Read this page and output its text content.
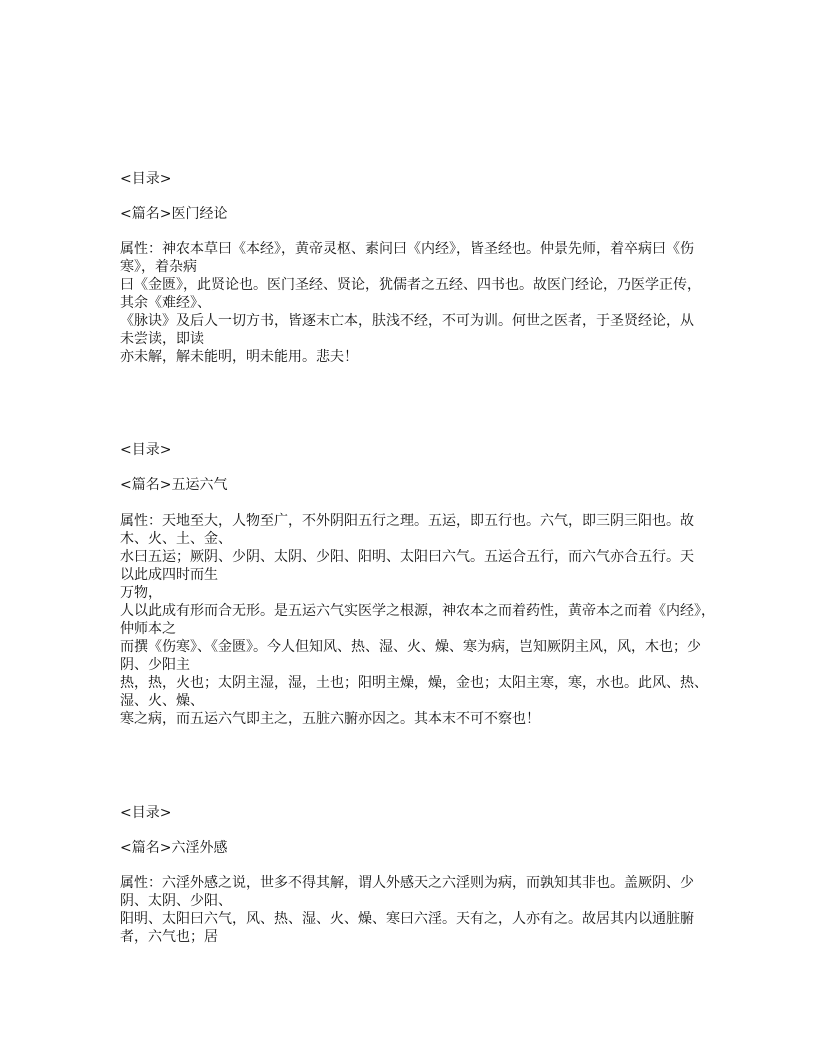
<目录>
<篇名>医门经论
属性：神农本草曰《本经》，黄帝灵枢、素问曰《内经》，皆圣经也。仲景先师，着卒病曰《伤
寒》，着杂病
曰《金匮》，此贤论也。医门圣经、贤论，犹儒者之五经、四书也。故医门经论，乃医学正传，
其余《难经》、
《脉诀》及后人一切方书，皆逐末亡本，肤浅不经，不可为训。何世之医者，于圣贤经论，从
未尝读，即读
亦未解，解未能明，明未能用。悲夫！
<目录>
<篇名>五运六气
属性：天地至大，人物至广，不外阴阳五行之理。五运，即五行也。六气，即三阴三阳也。故
木、火、土、金、
水曰五运；厥阴、少阴、太阴、少阳、阳明、太阳曰六气。五运合五行，而六气亦合五行。天
以此成四时而生
万物，
人以此成有形而合无形。是五运六气实医学之根源，神农本之而着药性，黄帝本之而着《内经》，
仲师本之
而撰《伤寒》、《金匮》。今人但知风、热、湿、火、燥、寒为病，岂知厥阴主风，风，木也；少
阴、少阳主
热，热，火也；太阴主湿，湿，土也；阳明主燥，燥，金也；太阳主寒，寒，水也。此风、热、
湿、火、燥、
寒之病，而五运六气即主之，五脏六腑亦因之。其本末不可不察也！
<目录>
<篇名>六淫外感
属性：六淫外感之说，世多不得其解，谓人外感天之六淫则为病，而孰知其非也。盖厥阴、少
阴、太阴、少阳、
阳明、太阳曰六气，风、热、湿、火、燥、寒曰六淫。天有之，人亦有之。故居其内以通脏腑
者，六气也；居
